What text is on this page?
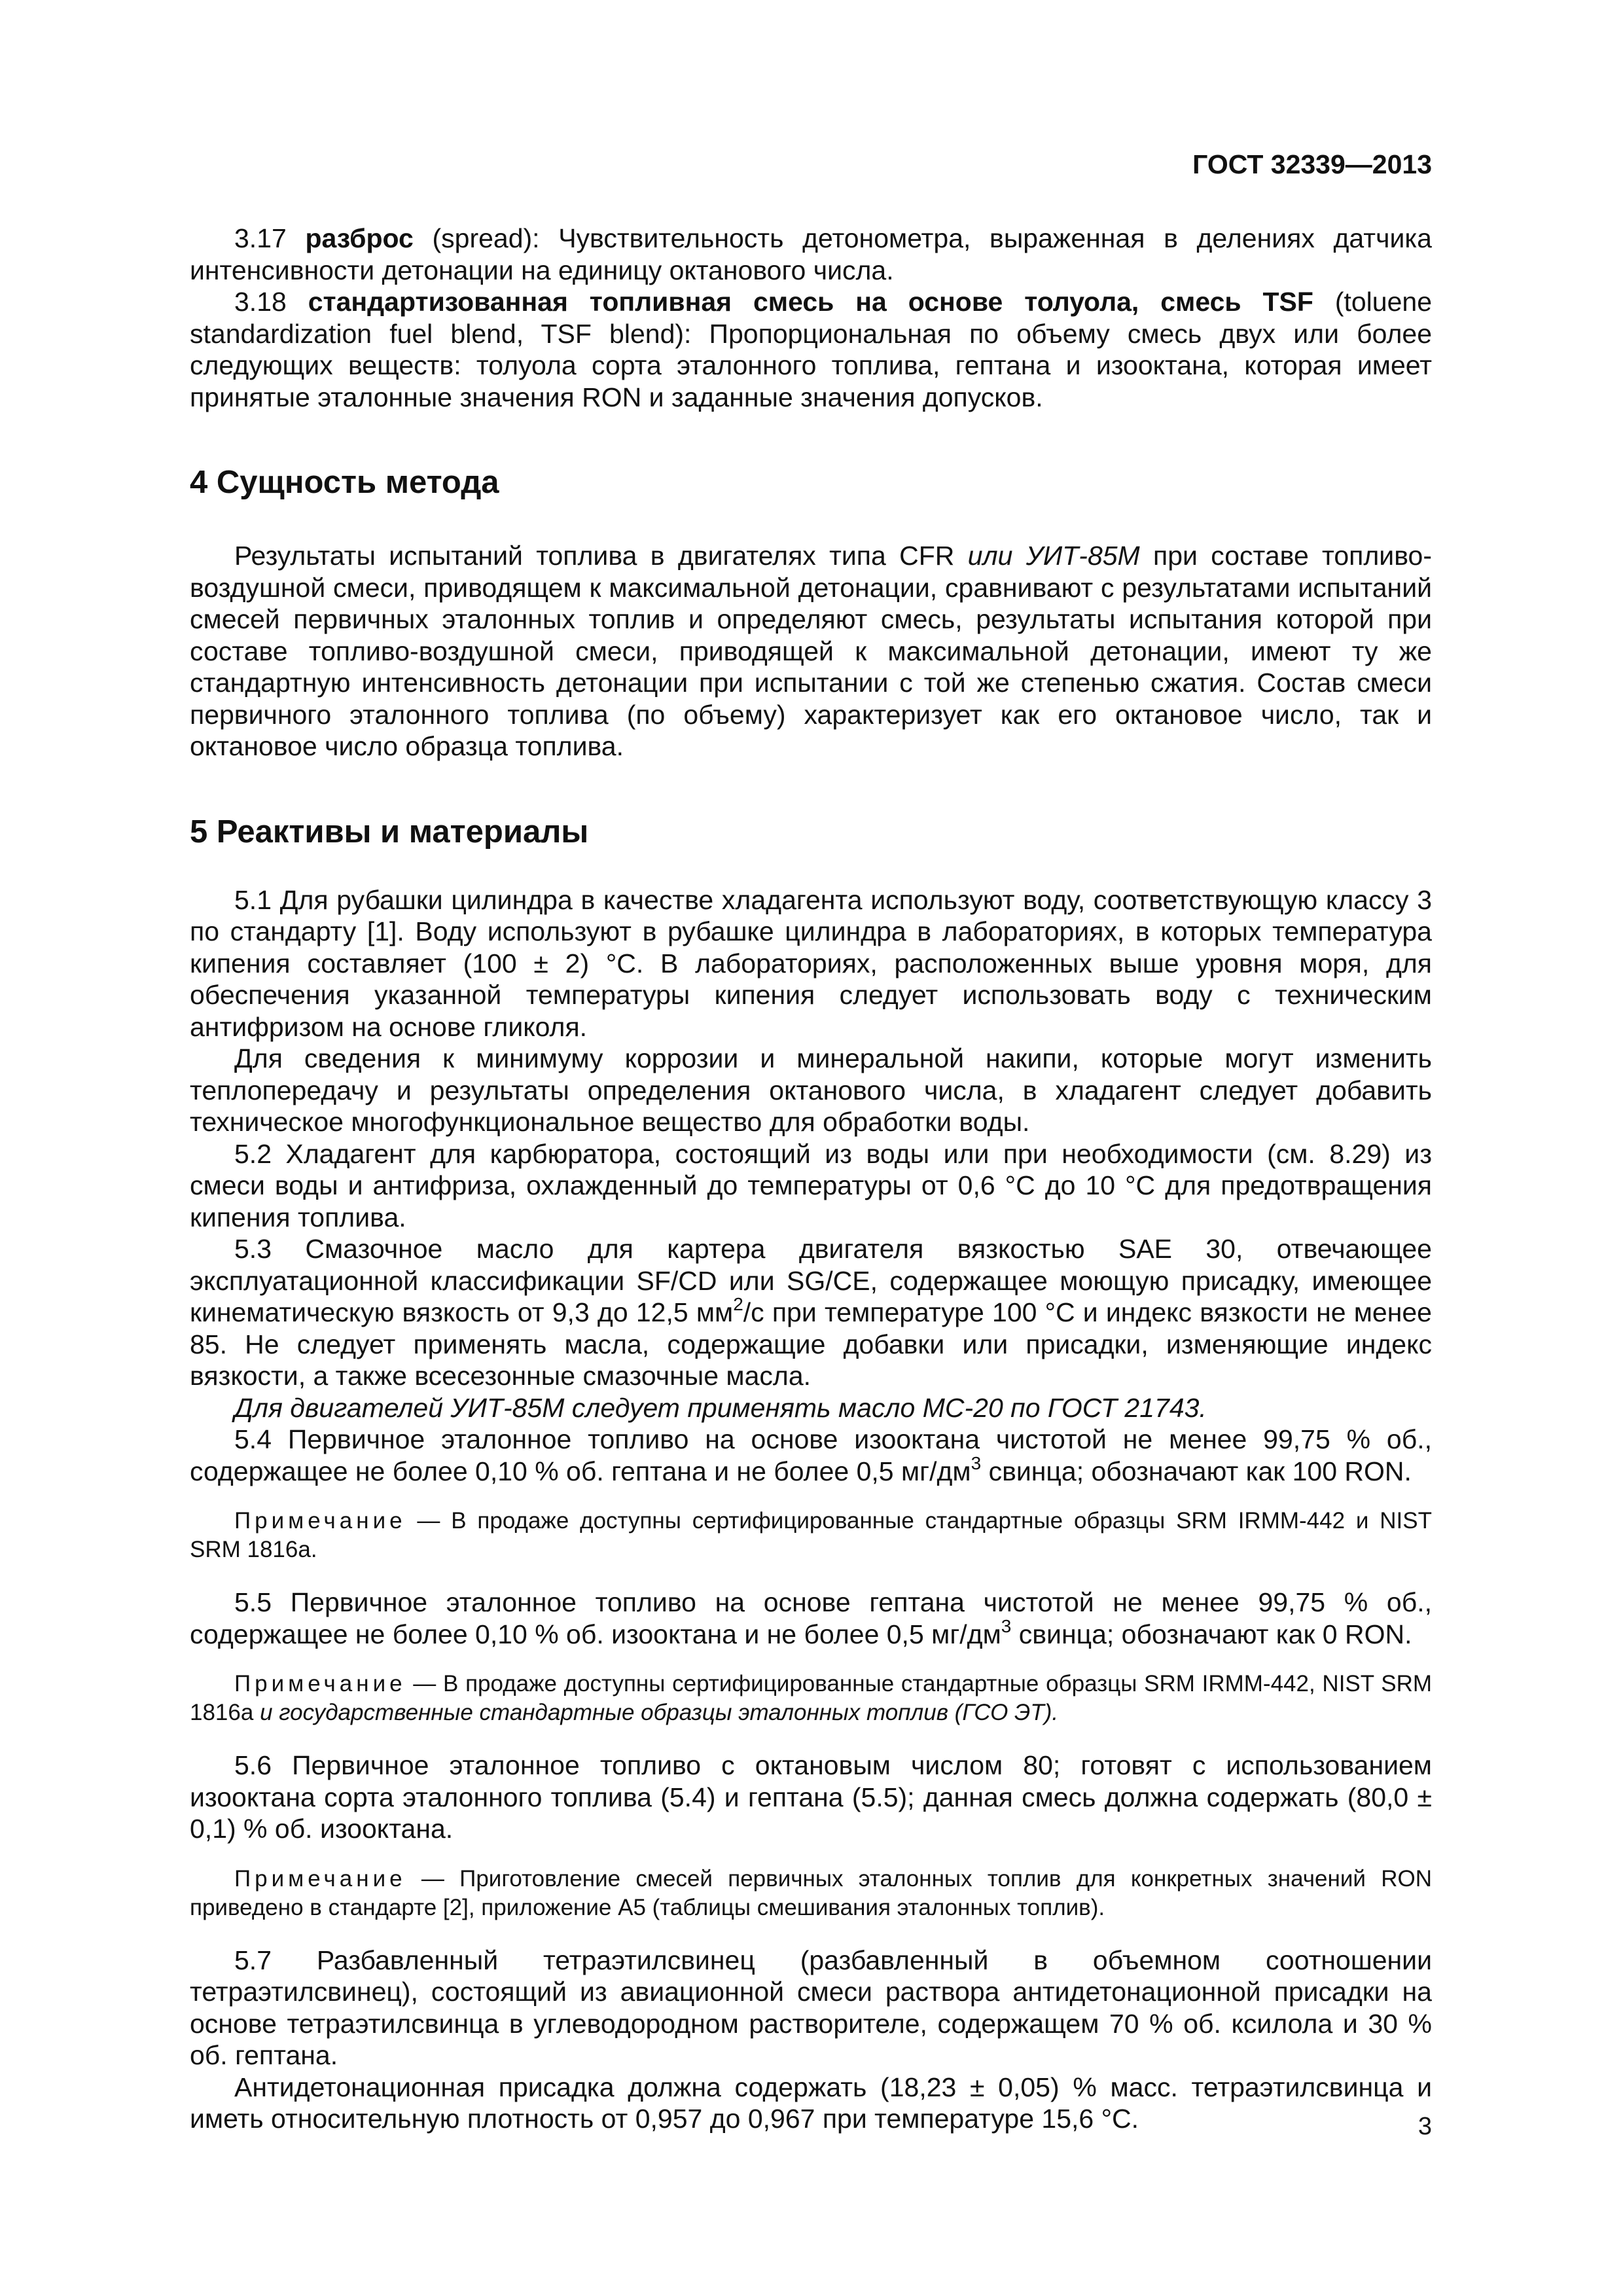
ГОСТ 32339—2013

3.17 разброс (spread): Чувствительность детонометра, выраженная в делениях датчика интенсивности детонации на единицу октанового числа.

3.18 стандартизованная топливная смесь на основе толуола, смесь TSF (toluene standardization fuel blend, TSF blend): Пропорциональная по объему смесь двух или более следующих веществ: толуола сорта эталонного топлива, гептана и изооктана, которая имеет принятые эталонные значения RON и заданные значения допусков.

4 Сущность метода

Результаты испытаний топлива в двигателях типа CFR или УИТ-85М при составе топливо-воздушной смеси, приводящем к максимальной детонации, сравнивают с результатами испытаний смесей первичных эталонных топлив и определяют смесь, результаты испытания которой при составе топливо-воздушной смеси, приводящей к максимальной детонации, имеют ту же стандартную интенсивность детонации при испытании с той же степенью сжатия. Состав смеси первичного эталонного топлива (по объему) характеризует как его октановое число, так и октановое число образца топлива.

5 Реактивы и материалы

5.1 Для рубашки цилиндра в качестве хладагента используют воду, соответствующую классу 3 по стандарту [1]. Воду используют в рубашке цилиндра в лабораториях, в которых температура кипения составляет (100 ± 2) °С. В лабораториях, расположенных выше уровня моря, для обеспечения указанной температуры кипения следует использовать воду с техническим антифризом на основе гликоля.

Для сведения к минимуму коррозии и минеральной накипи, которые могут изменить теплопередачу и результаты определения октанового числа, в хладагент следует добавить техническое многофункциональное вещество для обработки воды.

5.2 Хладагент для карбюратора, состоящий из воды или при необходимости (см. 8.29) из смеси воды и антифриза, охлажденный до температуры от 0,6 °С до 10 °С для предотвращения кипения топлива.

5.3 Смазочное масло для картера двигателя вязкостью SAE 30, отвечающее эксплуатационной классификации SF/CD или SG/CE, содержащее моющую присадку, имеющее кинематическую вязкость от 9,3 до 12,5 $мм^2/с$ при температуре 100 °С и индекс вязкости не менее 85. Не следует применять масла, содержащие добавки или присадки, изменяющие индекс вязкости, а также всесезонные смазочные масла.

Для двигателей УИТ-85М следует применять масло МС-20 по ГОСТ 21743.

5.4 Первичное эталонное топливо на основе изооктана чистотой не менее 99,75 % об., содержащее не более 0,10 % об. гептана и не более 0,5 $мг/дм^3$ свинца; обозначают как 100 RON.

Примечание — В продаже доступны сертифицированные стандартные образцы SRM IRMM-442 и NIST SRM 1816a.

5.5 Первичное эталонное топливо на основе гептана чистотой не менее 99,75 % об., содержащее не более 0,10 % об. изооктана и не более 0,5 $мг/дм^3$ свинца; обозначают как 0 RON.

Примечание — В продаже доступны сертифицированные стандартные образцы SRM IRMM-442, NIST SRM 1816a и государственные стандартные образцы эталонных топлив (ГСО ЭТ).

5.6 Первичное эталонное топливо с октановым числом 80; готовят с использованием изооктана сорта эталонного топлива (5.4) и гептана (5.5); данная смесь должна содержать (80,0 ± 0,1) % об. изооктана.

Примечание — Приготовление смесей первичных эталонных топлив для конкретных значений RON приведено в стандарте [2], приложение А5 (таблицы смешивания эталонных топлив).

5.7 Разбавленный тетраэтилсвинец (разбавленный в объемном соотношении тетраэтилсвинец), состоящий из авиационной смеси раствора антидетонационной присадки на основе тетраэтилсвинца в углеводородном растворителе, содержащем 70 % об. ксилола и 30 % об. гептана.

Антидетонационная присадка должна содержать (18,23 ± 0,05) % масс. тетраэтилсвинца и иметь относительную плотность от 0,957 до 0,967 при температуре 15,6 °С.	3
